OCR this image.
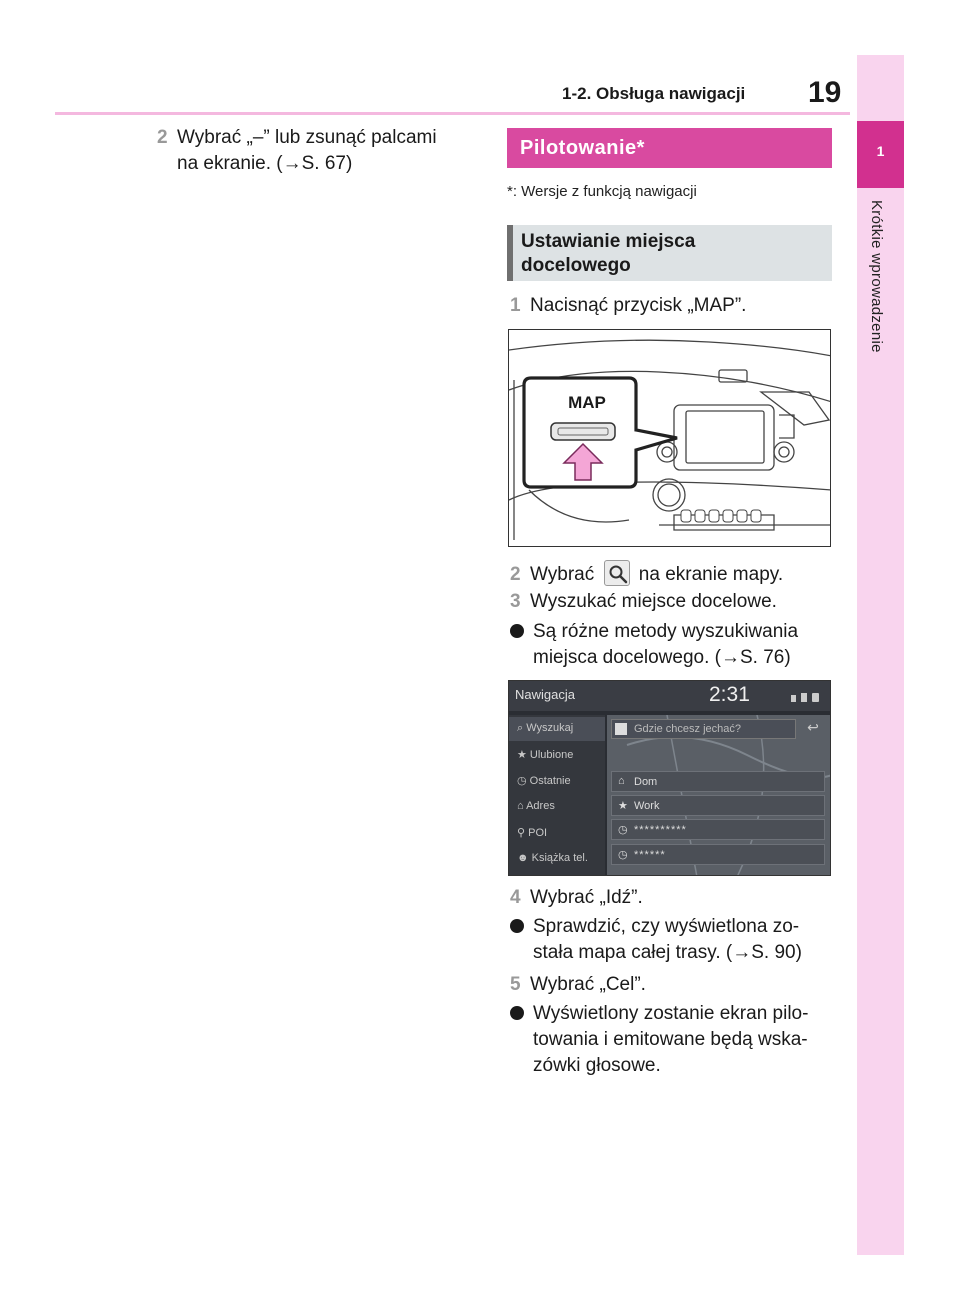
1-2. Obsługa nawigacji 19
1
Krótkie wprowadzenie
2 Wybrać „–” lub zsunąć palcami
na ekranie. (→S. 67)
Pilotowanie*
*: Wersje z funkcją nawigacji
Ustawianie miejsca
docelowego
1 Nacisnąć przycisk „MAP”.
MAP
2 Wybrać na ekranie mapy.
3 Wyszukać miejsce docelowe.
Są różne metody wyszukiwania
miejsca docelowego. (→S. 76)
Nawigacja	2:31
⌕ Wyszukaj
★ Ulubione
◷ Ostatnie
⌂ Adres
⚲ POI
☻ Książka tel.
Gdzie chcesz jechać?	↩
⌂ Dom
★ Work
◷ **********
◷ ******
4 Wybrać „Idź”.
Sprawdzić, czy wyświetlona zo-
stała mapa całej trasy. (→S. 90)
5 Wybrać „Cel”.
Wyświetlony zostanie ekran pilo-
towania i emitowane będą wska-
zówki głosowe.
